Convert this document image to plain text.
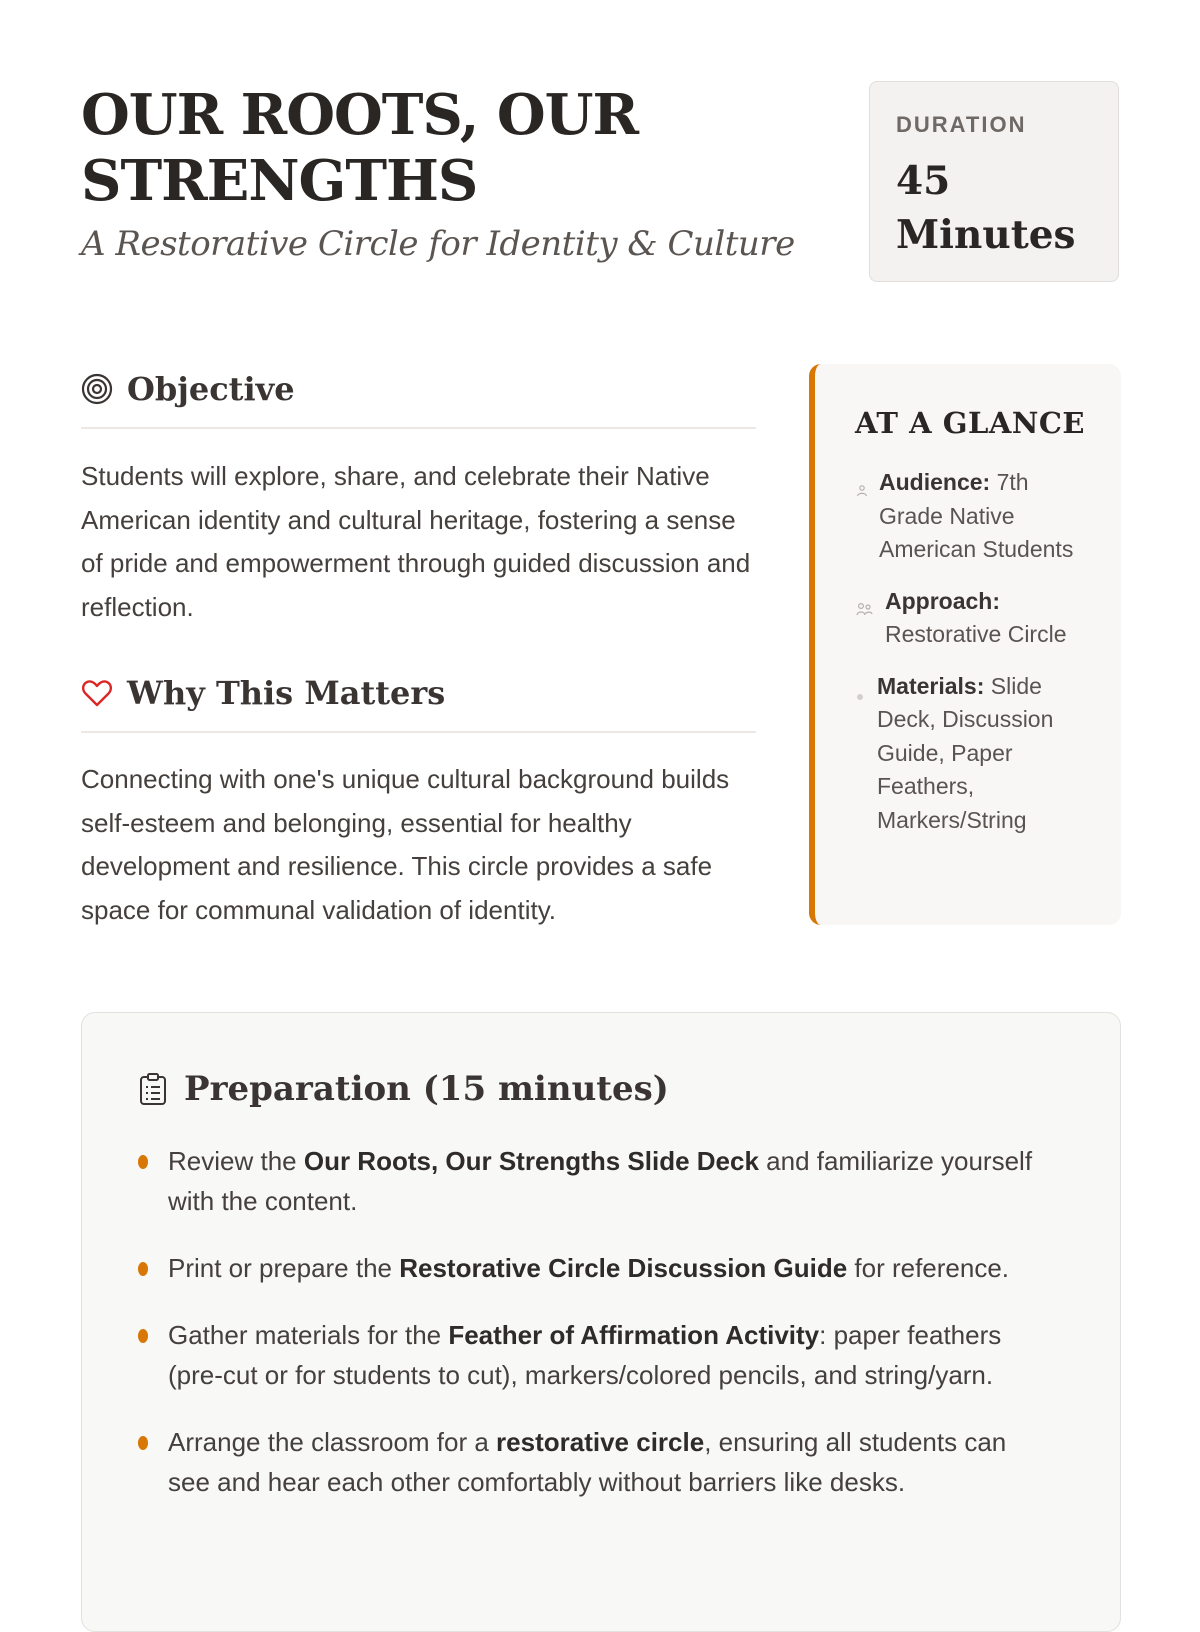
OUR ROOTS, OUR STRENGTHS

A Restorative Circle for Identity & Culture

DURATION
45 Minutes
Objective

Students will explore, share, and celebrate their Native American identity and cultural heritage, fostering a sense of pride and empowerment through guided discussion and reflection.

Why This Matters

Connecting with one's unique cultural background builds self-esteem and belonging, essential for healthy development and resilience. This circle provides a safe space for communal validation of identity.

AT A GLANCE
Audience: 7th Grade Native American Students
Approach:
Restorative Circle
Materials: Slide Deck, Discussion Guide, Paper Feathers, Markers/String
Preparation (15 minutes)
Review the Our Roots, Our Strengths Slide Deck and familiarize yourself with the content.
Print or prepare the Restorative Circle Discussion Guide for reference.
Gather materials for the Feather of Affirmation Activity: paper feathers (pre-cut or for students to cut), markers/colored pencils, and string/yarn.
Arrange the classroom for a restorative circle, ensuring all students can see and hear each other comfortably without barriers like desks.
